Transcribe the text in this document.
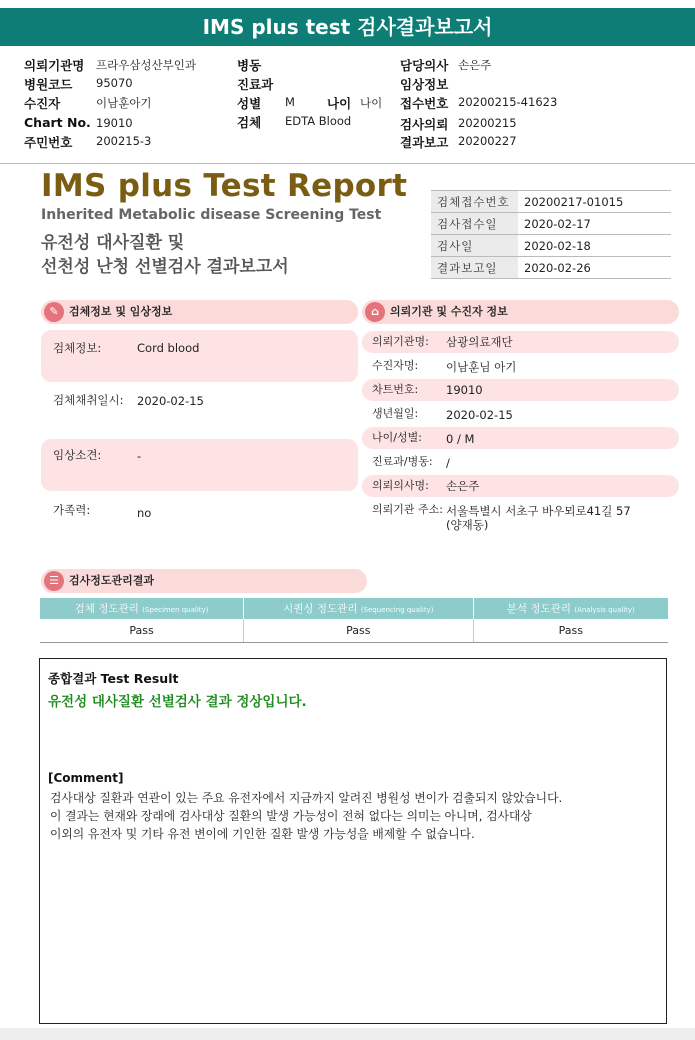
IMS plus test 검사결과보고서
의뢰기관명 프라우삼성산부인과
병원코드 95070
수진자	이남훈아기
Chart No. 19010
주민번호 200215-3
병동
진료과
성별 M	나이 나이
검체 EDTA Blood
담당의사 손은주
임상정보
접수번호 20200215-41623
검사의뢰 20200215
결과보고 20200227
IMS plus Test Report
Inherited Metabolic disease Screening Test
유전성 대사질환 및
선천성 난청 선별검사 결과보고서
검체접수번호	20200217-01015
검사접수일	2020-02-17
검사일	2020-02-18
결과보고일	2020-02-26
✎ 검체정보 및 임상정보
검체정보:	Cord blood
검체채취일시: 2020-02-15
임상소견:	-
가족력:	no
⌂	의뢰기관 및 수진자 정보
의뢰기관명: 삼광의료재단
수진자명: 이남훈님 아기
차트번호: 19010
생년월일: 2020-02-15
나이/성별: 0 / M
진료과/병동: /
의뢰의사명: 손은주
의뢰기관 주소: 서울특별시 서초구 바우뫼로41길 57
(양재동)
☰ 검사정도관리결과
검체 정도관리 (Specimen quality)	시퀀싱 정도관리 (Sequencing quality)	분석 정도관리 (Analysis quality)
Pass	Pass	Pass
종합결과 Test Result
유전성 대사질환 선별검사 결과 정상입니다.
[Comment]
검사대상 질환과 연관이 있는 주요 유전자에서 지금까지 알려진 병원성 변이가 검출되지 않았습니다.
이 결과는 현재와 장래에 검사대상 질환의 발생 가능성이 전혀 없다는 의미는 아니며, 검사대상
이외의 유전자 및 기타 유전 변이에 기인한 질환 발생 가능성을 배제할 수 없습니다.
